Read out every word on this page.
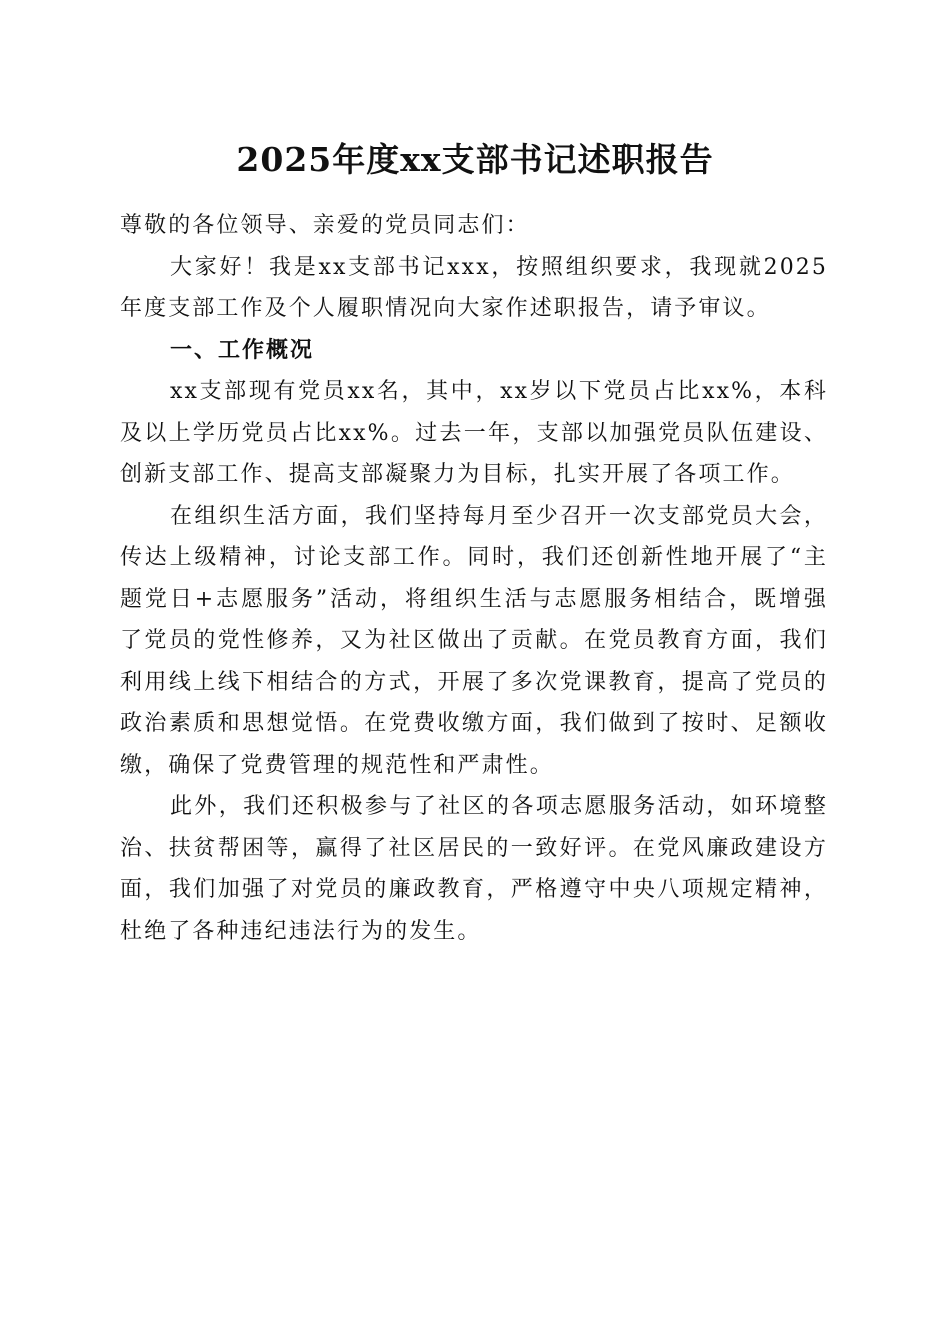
2025年度xx支部书记述职报告

尊敬的各位领导、亲爱的党员同志们：

大家好！我是xx支部书记xxx，按照组织要求，我现就2025年度支部工作及个人履职情况向大家作述职报告，请予审议。

一、工作概况

xx支部现有党员xx名，其中，xx岁以下党员占比xx%，本科及以上学历党员占比xx%。过去一年，支部以加强党员队伍建设、创新支部工作、提高支部凝聚力为目标，扎实开展了各项工作。

在组织生活方面，我们坚持每月至少召开一次支部党员大会，传达上级精神，讨论支部工作。同时，我们还创新性地开展了“主题党日+志愿服务”活动，将组织生活与志愿服务相结合，既增强了党员的党性修养，又为社区做出了贡献。在党员教育方面，我们利用线上线下相结合的方式，开展了多次党课教育，提高了党员的政治素质和思想觉悟。在党费收缴方面，我们做到了按时、足额收缴，确保了党费管理的规范性和严肃性。

此外，我们还积极参与了社区的各项志愿服务活动，如环境整治、扶贫帮困等，赢得了社区居民的一致好评。在党风廉政建设方面，我们加强了对党员的廉政教育，严格遵守中央八项规定精神，杜绝了各种违纪违法行为的发生。
